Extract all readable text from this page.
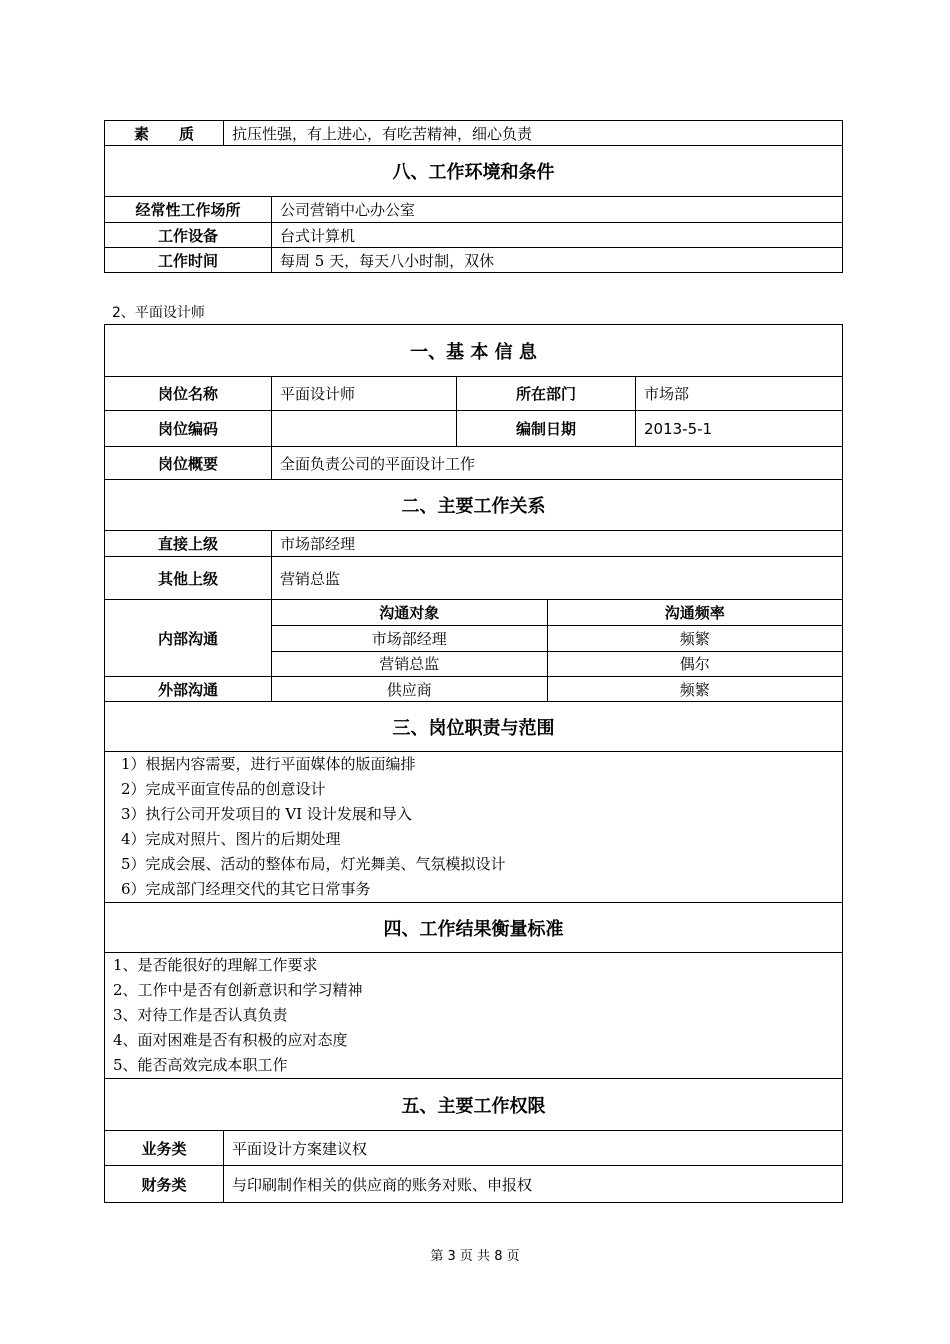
素　　质	抗压性强，有上进心，有吃苦精神，细心负责	
八、工作环境和条件		
经常性工作场所		公司营销中心办公室
工作设备		台式计算机
工作时间		每周 5 天，每天八小时制，双休
2、平面设计师
一、基 本 信 息
岗位名称	平面设计师	所在部门	市场部
岗位编码		编制日期	2013-5-1
岗位概要	全面负责公司的平面设计工作
二、主要工作关系
直接上级	市场部经理
其他上级	营销总监
内部沟通	
沟通对象	沟通频率
市场部经理	频繁
营销总监	偶尔

外部沟通		供应商	频繁

三、岗位职责与范围

1）根据内容需要，进行平面媒体的版面编排
2）完成平面宣传品的创意设计
3）执行公司开发项目的 VI 设计发展和导入
4）完成对照片、图片的后期处理
5）完成会展、活动的整体布局，灯光舞美、气氛模拟设计
6）完成部门经理交代的其它日常事务

四、工作结果衡量标准

1、是否能很好的理解工作要求
2、工作中是否有创新意识和学习精神
3、对待工作是否认真负责
4、面对困难是否有积极的应对态度
5、能否高效完成本职工作

五、主要工作权限
业务类	平面设计方案建议权
财务类	与印刷制作相关的供应商的账务对账、申报权
第 3 页 共 8 页
